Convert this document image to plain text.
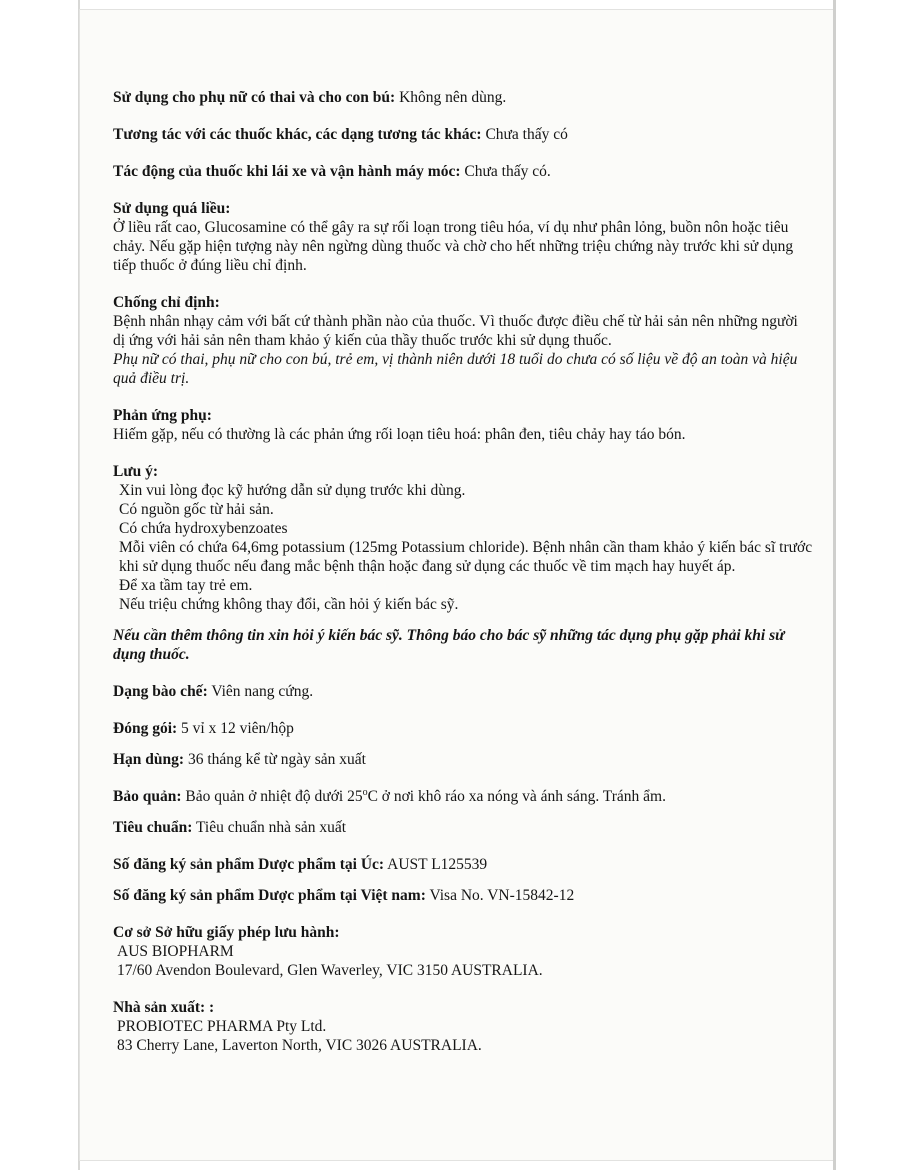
Sử dụng cho phụ nữ có thai và cho con bú: Không nên dùng.

Tương tác với các thuốc khác, các dạng tương tác khác: Chưa thấy có

Tác động của thuốc khi lái xe và vận hành máy móc: Chưa thấy có.

Sử dụng quá liều:
Ở liều rất cao, Glucosamine có thể gây ra sự rối loạn trong tiêu hóa, ví dụ như phân lỏng, buồn nôn hoặc tiêu chảy. Nếu gặp hiện tượng này nên ngừng dùng thuốc và chờ cho hết những triệu chứng này trước khi sử dụng tiếp thuốc ở đúng liều chỉ định.
Chống chỉ định:
Bệnh nhân nhạy cảm với bất cứ thành phần nào của thuốc. Vì thuốc được điều chế từ hải sản nên những người dị ứng với hải sản nên tham khảo ý kiến của thầy thuốc trước khi sử dụng thuốc.
Phụ nữ có thai, phụ nữ cho con bú, trẻ em, vị thành niên dưới 18 tuổi do chưa có số liệu về độ an toàn và hiệu quả điều trị.
Phản ứng phụ:
Hiếm gặp, nếu có thường là các phản ứng rối loạn tiêu hoá: phân đen, tiêu chảy hay táo bón.
Lưu ý:
Xin vui lòng đọc kỹ hướng dẫn sử dụng trước khi dùng.
Có nguồn gốc từ hải sản.
Có chứa hydroxybenzoates
Mỗi viên có chứa 64,6mg potassium (125mg Potassium chloride). Bệnh nhân cần tham khảo ý kiến bác sĩ trước khi sử dụng thuốc nếu đang mắc bệnh thận hoặc đang sử dụng các thuốc về tim mạch hay huyết áp.
Để xa tầm tay trẻ em.
Nếu triệu chứng không thay đổi, cần hỏi ý kiến bác sỹ.

Nếu cần thêm thông tin xin hỏi ý kiến bác sỹ. Thông báo cho bác sỹ những tác dụng phụ gặp phải khi sử dụng thuốc.

Dạng bào chế: Viên nang cứng.

Đóng gói: 5 vỉ x 12 viên/hộp

Hạn dùng: 36 tháng kể từ ngày sản xuất

Bảo quản: Bảo quản ở nhiệt độ dưới 25$^o$C ở nơi khô ráo xa nóng và ánh sáng. Tránh ẩm.

Tiêu chuẩn: Tiêu chuẩn nhà sản xuất

Số đăng ký sản phẩm Dược phẩm tại Úc: AUST L125539

Số đăng ký sản phẩm Dược phẩm tại Việt nam: Visa No. VN-15842-12

Cơ sở Sở hữu giấy phép lưu hành:
AUS BIOPHARM
17/60 Avendon Boulevard, Glen Waverley, VIC 3150 AUSTRALIA.
Nhà sản xuất: :
PROBIOTEC PHARMA Pty Ltd.
83 Cherry Lane, Laverton North, VIC 3026 AUSTRALIA.
